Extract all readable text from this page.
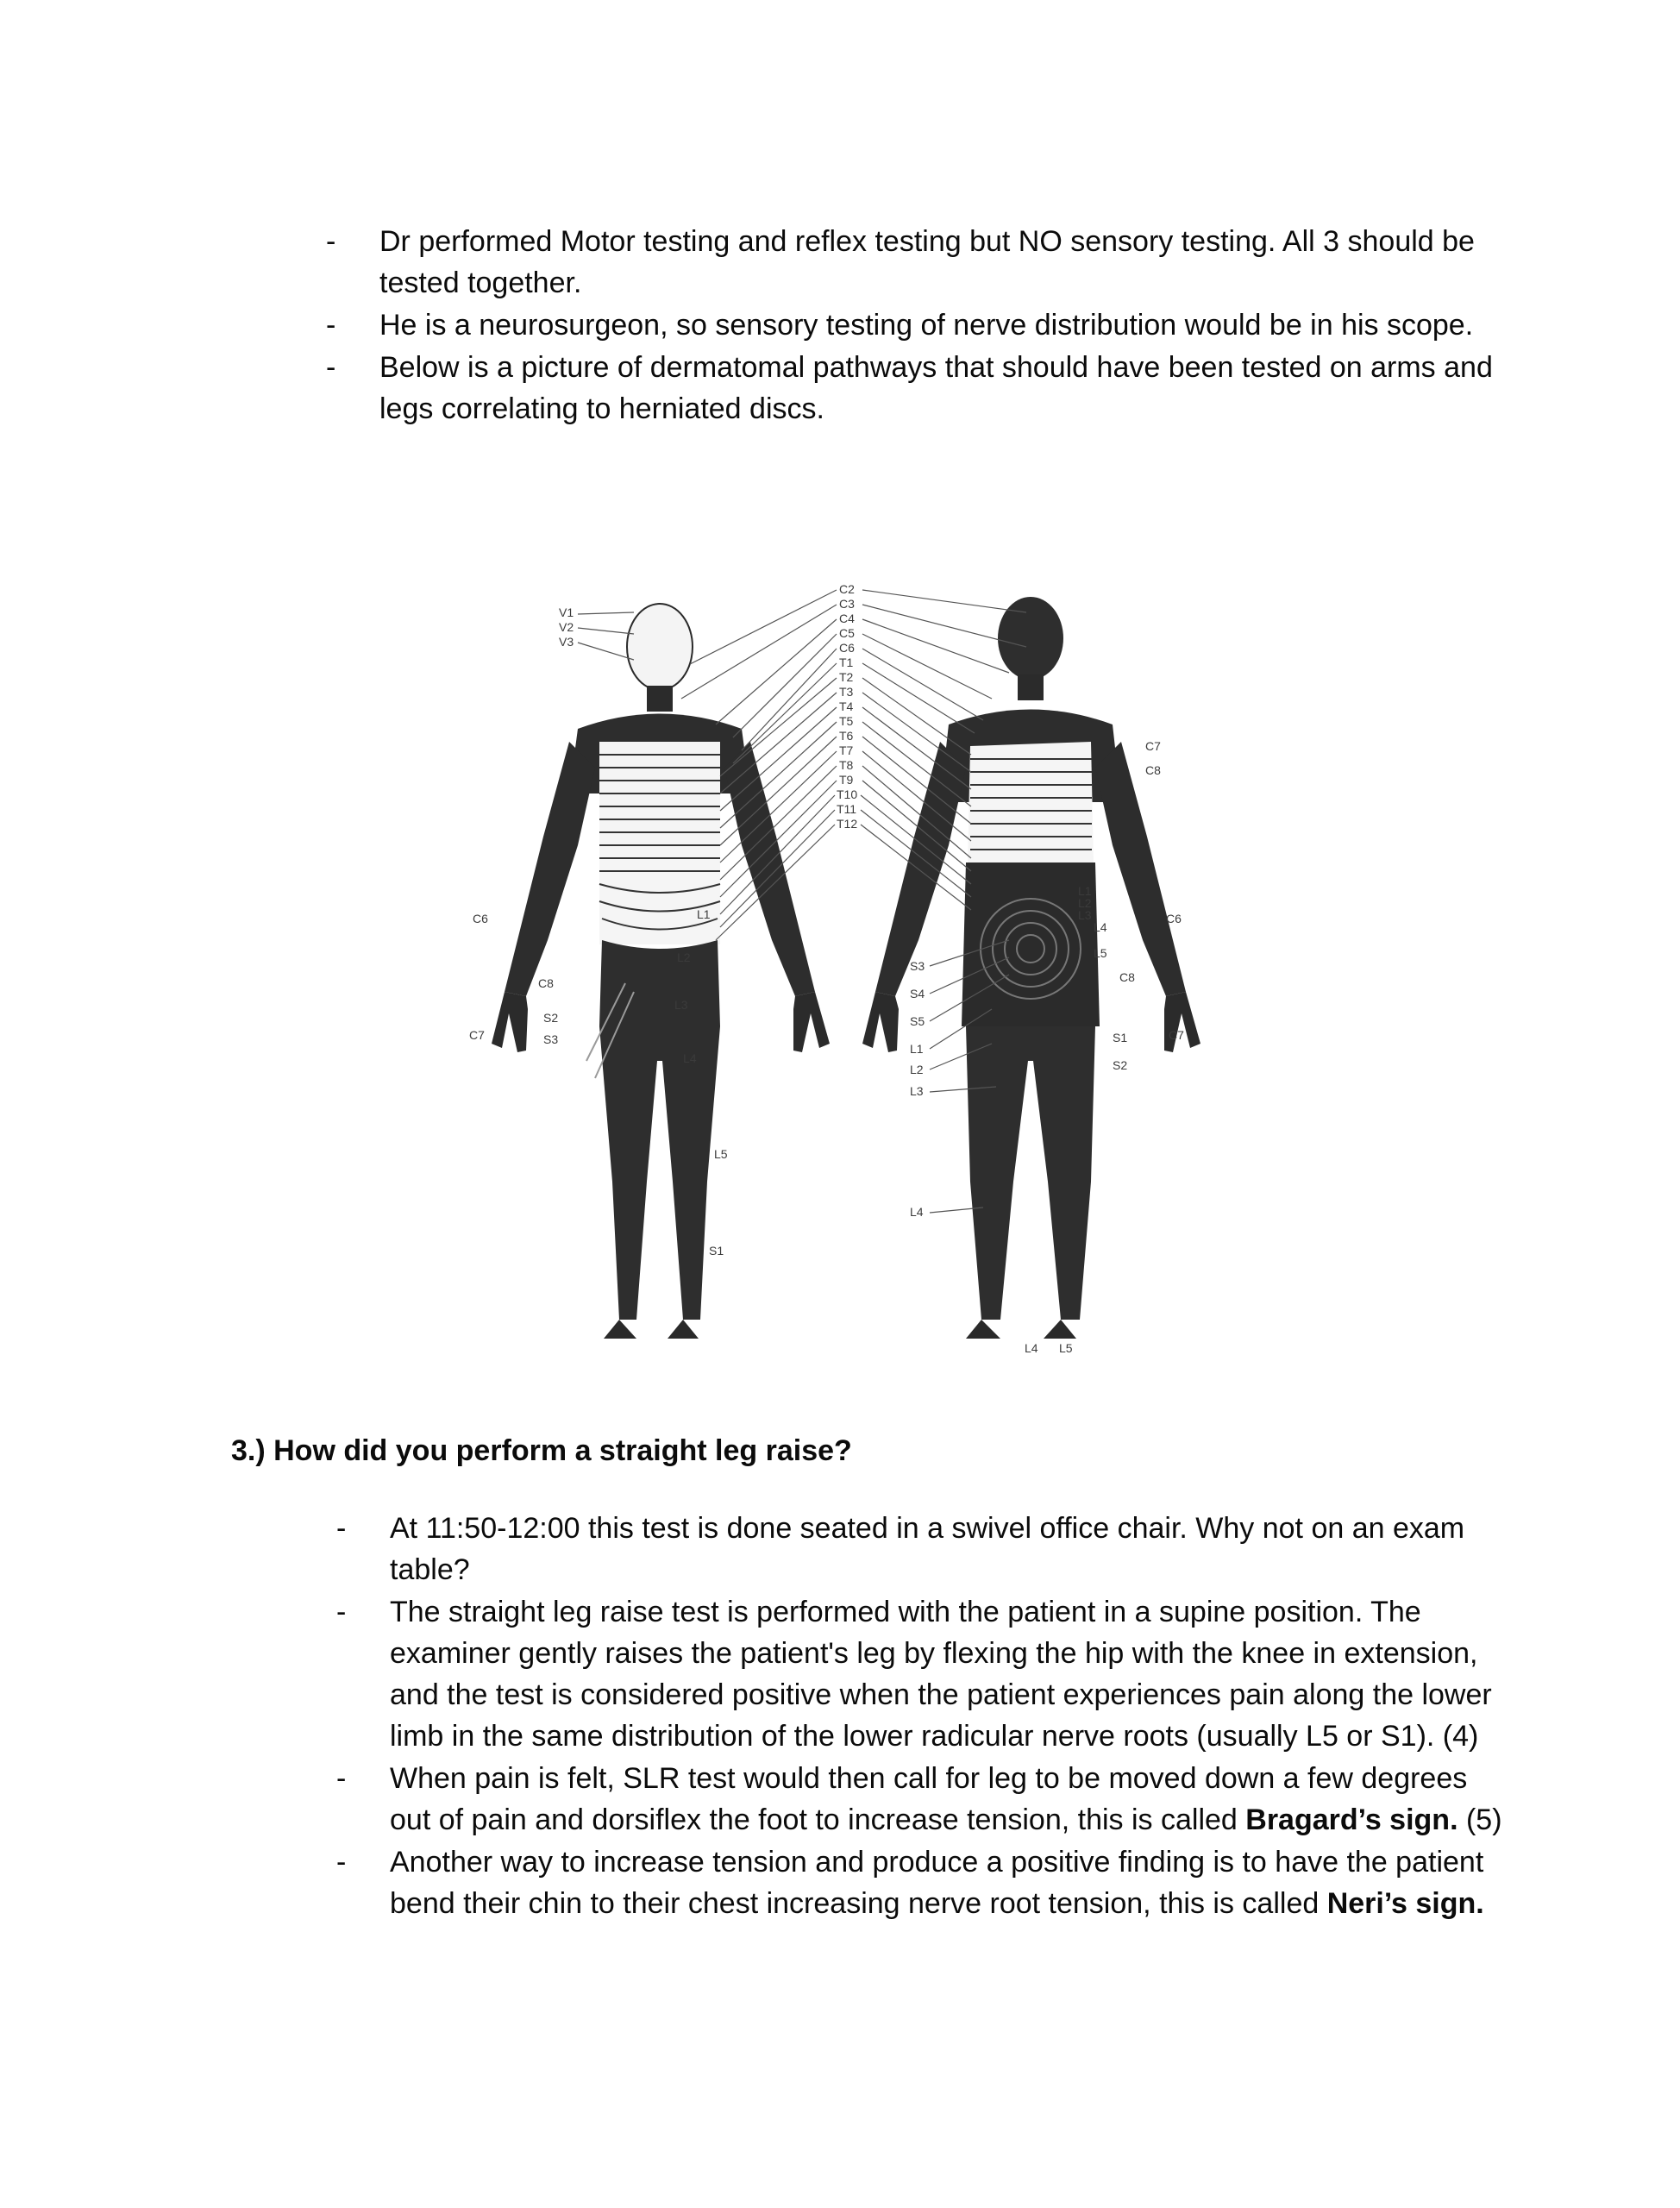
- Dr performed Motor testing and reflex testing but NO sensory testing. All 3 should be tested together.
- He is a neurosurgeon, so sensory testing of nerve distribution would be in his scope.
- Below is a picture of dermatomal pathways that should have been tested on arms and legs correlating to herniated discs.
C2
C3
C4
C5
C6
T1
T2
T3
T4
T5
T6
T7
T8
T9
T10
T11
T12
V1
V2
V3
C6
C7
C8
S2
S3
L1
L2
L3
L4
L5
S1
S3
S4
S5
L1
L2
L3
L4
C7
C8
L1
L2
L3
L4
L5
C6
C8
C7
S1
S2
L4 L5
3.) How did you perform a straight leg raise?
- At 11:50-12:00 this test is done seated in a swivel office chair. Why not on an exam table?
- The straight leg raise test is performed with the patient in a supine position. The examiner gently raises the patient's leg by flexing the hip with the knee in extension, and the test is considered positive when the patient experiences pain along the lower limb in the same distribution of the lower radicular nerve roots (usually L5 or S1). (4)
- When pain is felt, SLR test would then call for leg to be moved down a few degrees out of pain and dorsiflex the foot to increase tension, this is called Bragard’s sign. (5)
- Another way to increase tension and produce a positive finding is to have the patient bend their chin to their chest increasing nerve root tension, this is called Neri’s sign.
